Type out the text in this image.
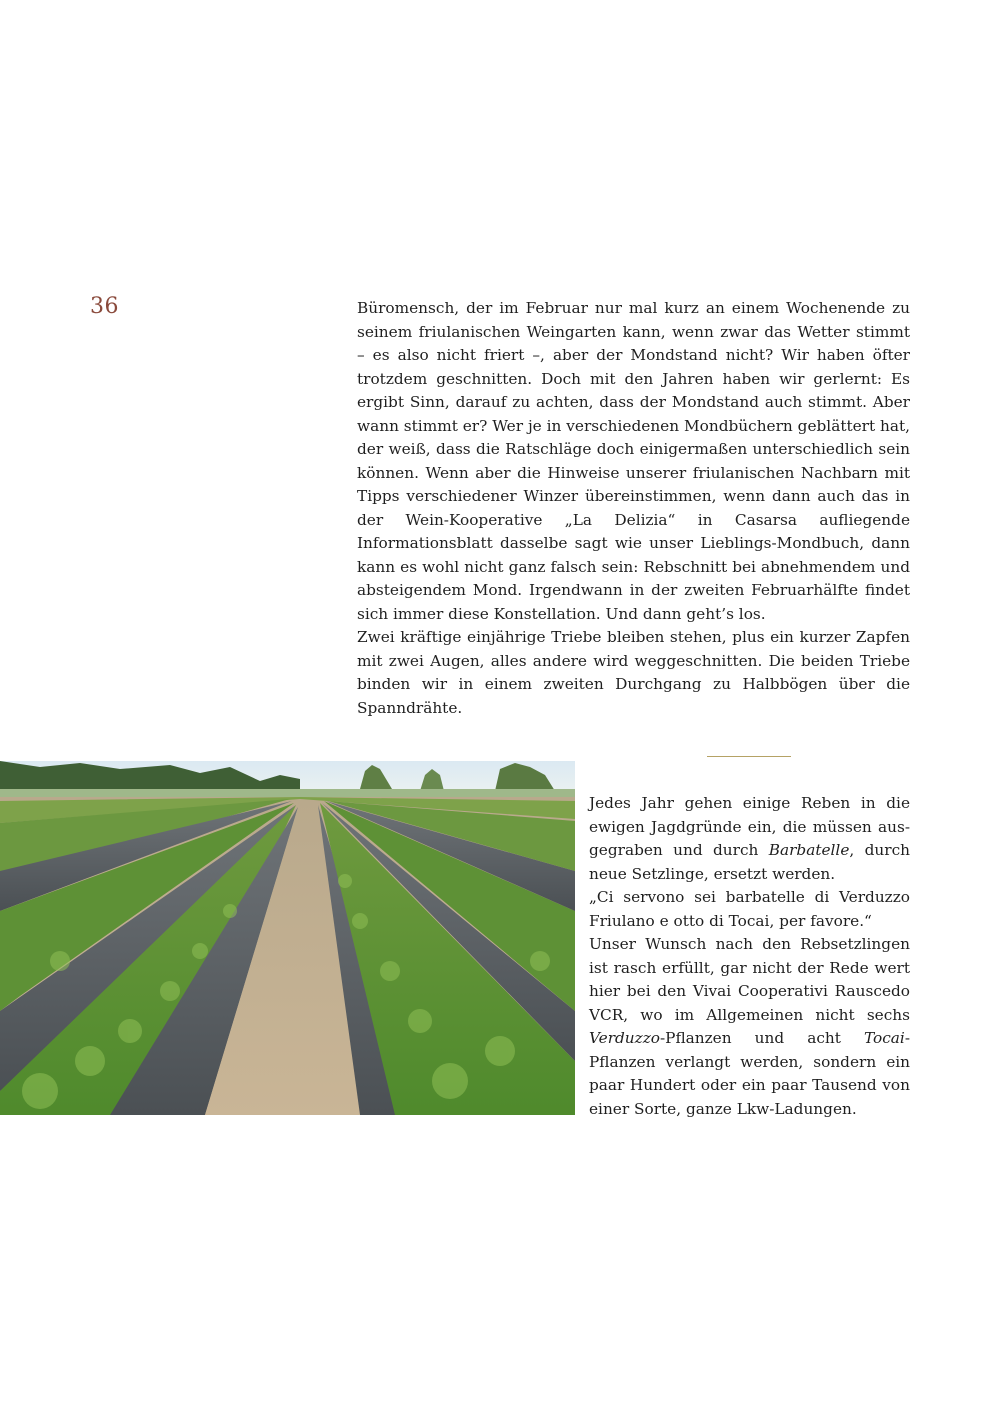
36	Büromensch, der im Februar nur mal kurz an einem Wochenende zu seinem friulanischen Weingarten kann, wenn zwar das Wetter stimmt – es also nicht friert –, aber der Mondstand nicht? Wir haben öfter trotzdem geschnitten. Doch mit den Jahren haben wir gerlernt: Es ergibt Sinn, darauf zu achten, dass der Mondstand auch stimmt. Aber wann stimmt er? Wer je in verschiedenen Mondbüchern geblättert hat, der weiß, dass die Ratschläge doch einigermaßen unterschiedlich sein können. Wenn aber die Hinweise unserer friulanischen Nachbarn mit Tipps verschiedener Winzer übereinstimmen, wenn dann auch das in der Wein-Kooperative „La Delizia“ in Casarsa aufliegende Informationsblatt dasselbe sagt wie unser Lieblings-Mondbuch, dann kann es wohl nicht ganz falsch sein: Rebschnitt bei abnehmendem und absteigendem Mond. Irgendwann in der zweiten Februarhälfte findet sich immer diese Konstellation. Und dann geht’s los.

Zwei kräftige einjährige Triebe bleiben stehen, plus ein kurzer Zapfen mit zwei Augen, alles andere wird weggeschnitten. Die beiden Triebe binden wir in einem zweiten Durchgang zu Halbbögen über die Spanndrähte.

Jedes Jahr gehen einige Reben in die ewigen Jagdgründe ein, die müssen ausgegraben und durch Barbatelle, durch neue Setzlinge, ersetzt werden.

„Ci servono sei barbatelle di Verduzzo Friulano e otto di Tocai, per favore.“

Unser Wunsch nach den Rebsetzlingen ist rasch erfüllt, gar nicht der Rede wert hier bei den Vivai Cooperativi Rauscedo VCR, wo im Allgemeinen nicht sechs Verduzzo-Pflanzen und acht Tocai-Pflanzen verlangt werden, sondern ein paar Hundert oder ein paar Tausend von einer Sorte, ganze Lkw-Ladungen.
